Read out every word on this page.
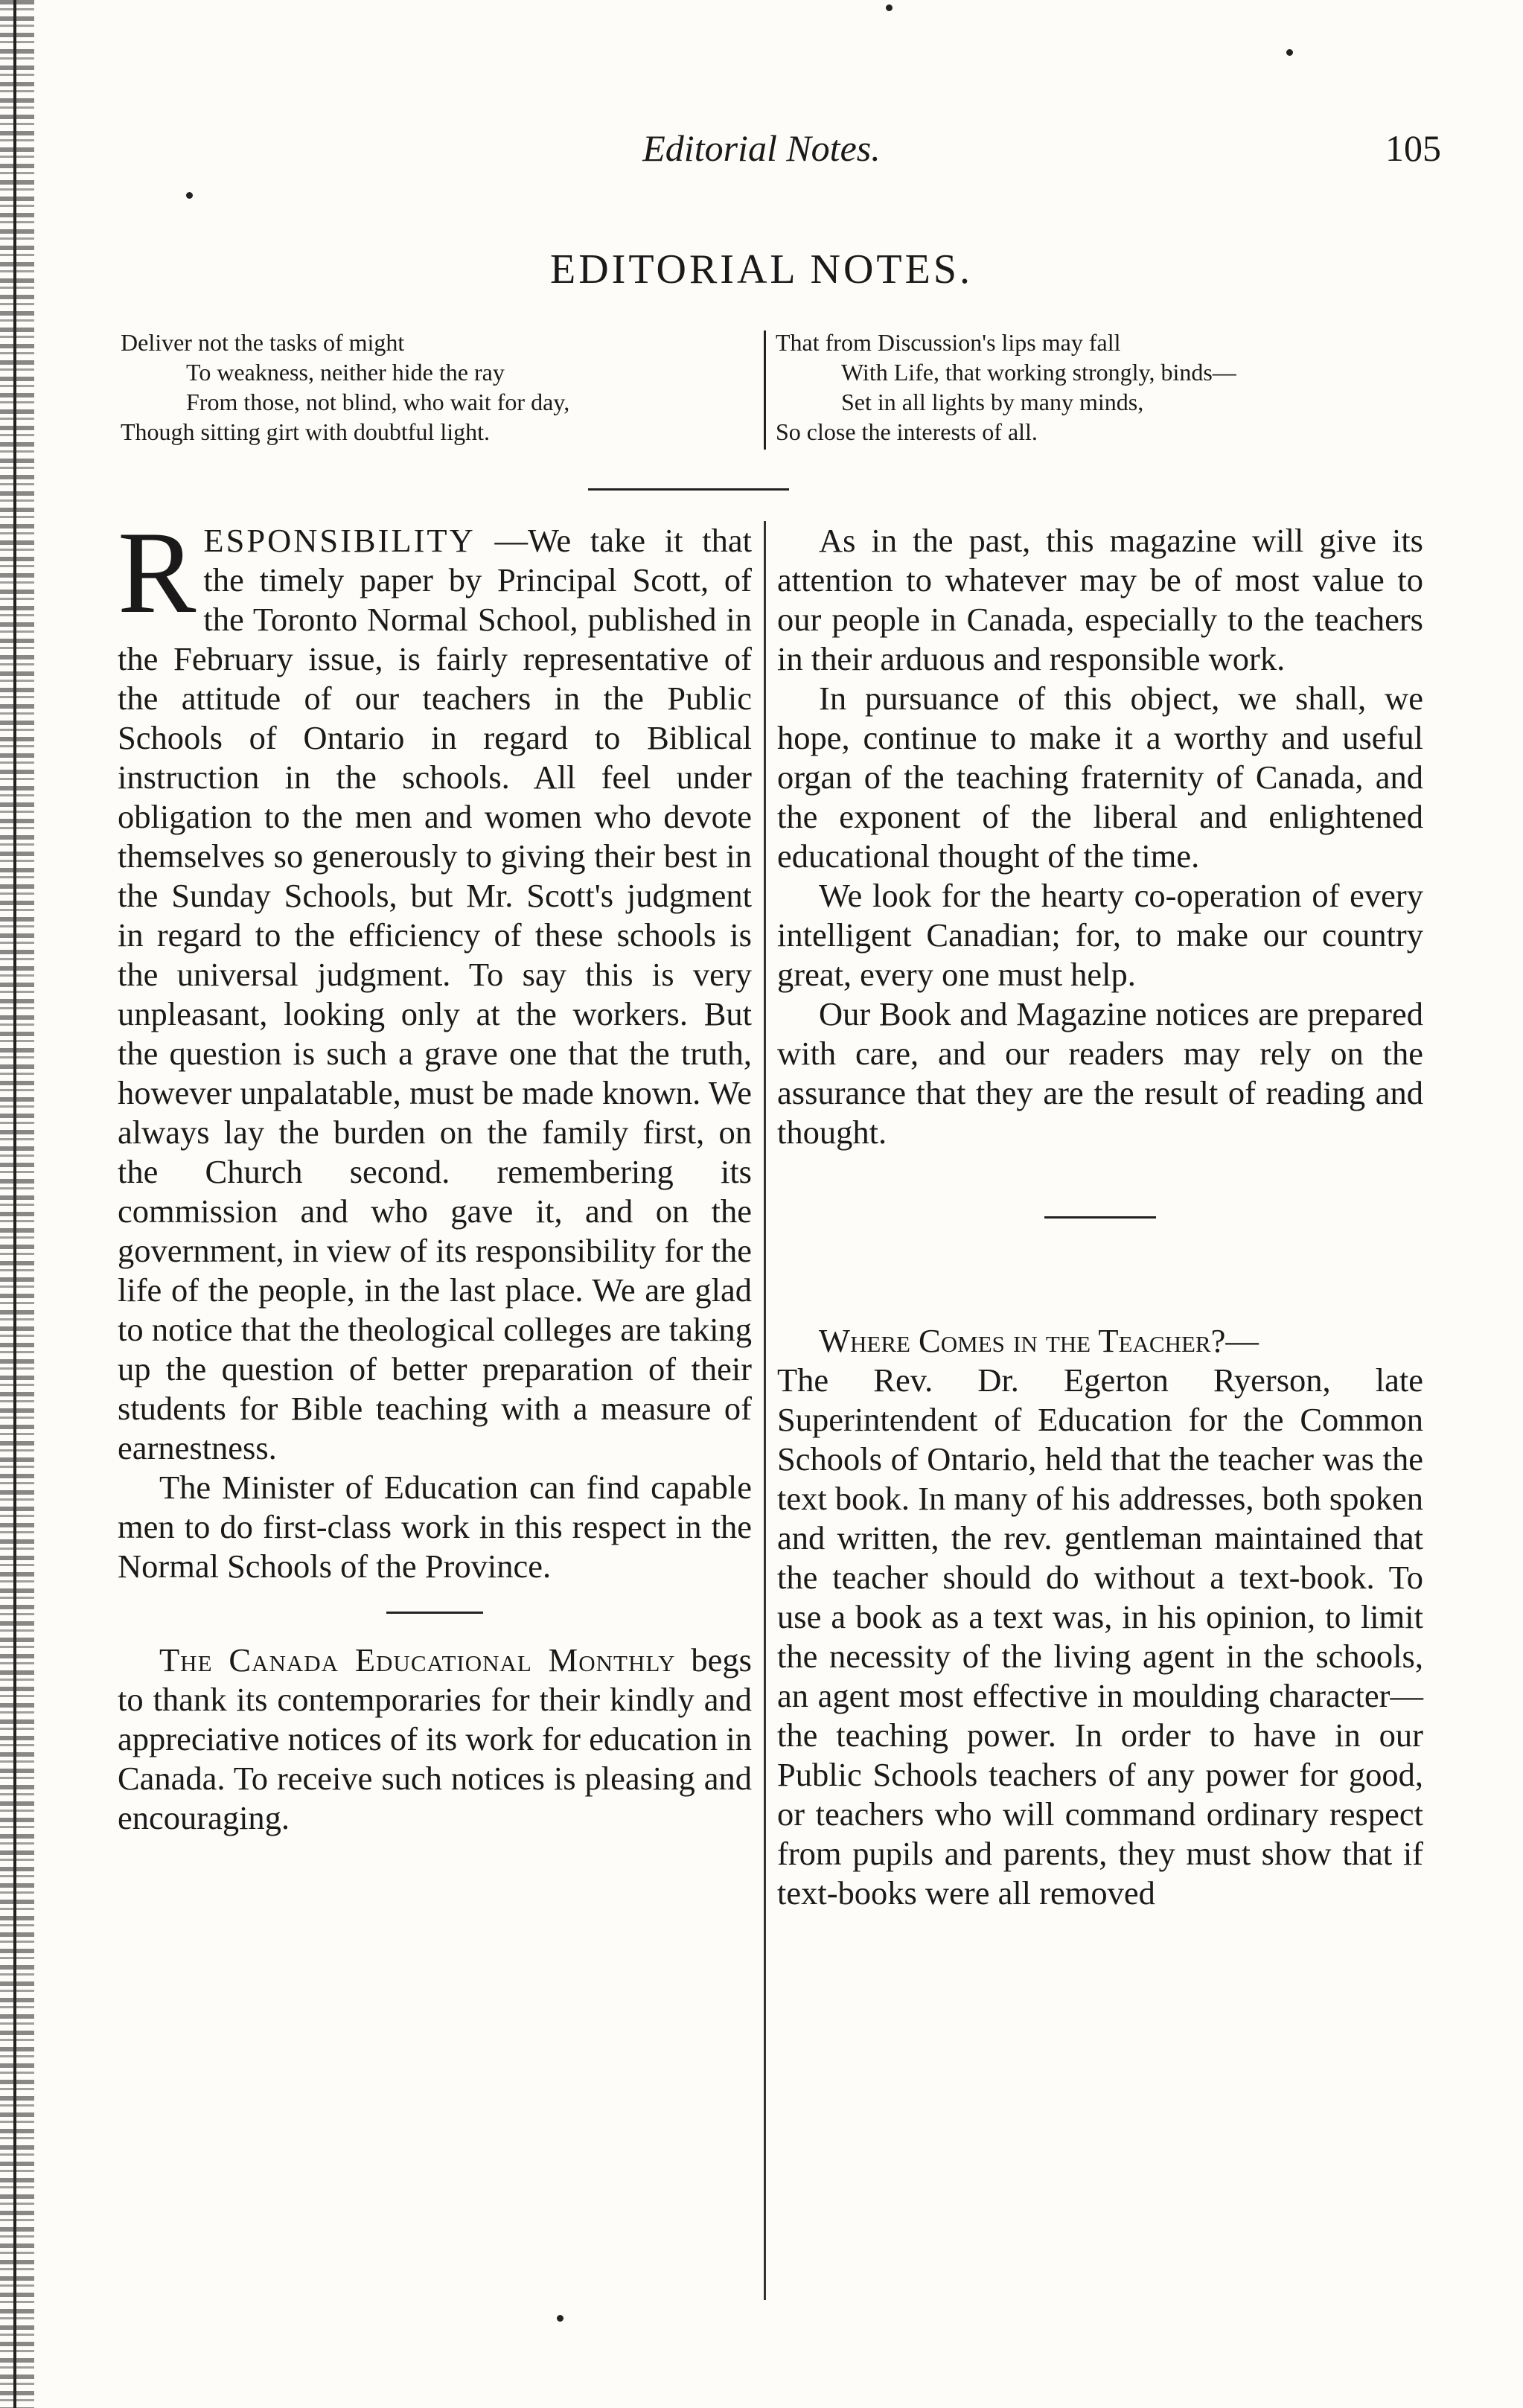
Editorial Notes.	105
EDITORIAL NOTES.
Deliver not the tasks of might
To weakness, neither hide the ray
From those, not blind, who wait for day,
Though sitting girt with doubtful light.
That from Discussion's lips may fall
With Life, that working strongly, binds—
Set in all lights by many minds,
So close the interests of all.

RESPONSIBILITY —We take it that the timely paper by Principal Scott, of the Toronto Normal School, published in the February issue, is fairly representative of the attitude of our teachers in the Public Schools of Ontario in regard to Biblical instruction in the schools. All feel under obligation to the men and women who devote themselves so generously to giving their best in the Sunday Schools, but Mr. Scott's judgment in regard to the efficiency of these schools is the universal judgment. To say this is very unpleasant, looking only at the workers. But the question is such a grave one that the truth, however unpalatable, must be made known. We always lay the burden on the family first, on the Church second. remembering its commission and who gave it, and on the government, in view of its responsibility for the life of the people, in the last place. We are glad to notice that the theological colleges are taking up the question of better preparation of their students for Bible teaching with a measure of earnestness.

The Minister of Education can find capable men to do first-class work in this respect in the Normal Schools of the Province.

The Canada Educational Monthly begs to thank its contemporaries for their kindly and appreciative notices of its work for education in Canada. To receive such notices is pleasing and encouraging.

As in the past, this magazine will give its attention to whatever may be of most value to our people in Canada, especially to the teachers in their arduous and responsible work.

In pursuance of this object, we shall, we hope, continue to make it a worthy and useful organ of the teaching fraternity of Canada, and the exponent of the liberal and enlightened educational thought of the time.

We look for the hearty co-operation of every intelligent Canadian; for, to make our country great, every one must help.

Our Book and Magazine notices are prepared with care, and our readers may rely on the assurance that they are the result of reading and thought.

Where Comes in the Teacher?—
The Rev. Dr. Egerton Ryerson, late Superintendent of Education for the Common Schools of Ontario, held that the teacher was the text book. In many of his addresses, both spoken and written, the rev. gentleman maintained that the teacher should do without a text-book. To use a book as a text was, in his opinion, to limit the necessity of the living agent in the schools, an agent most effective in moulding character—the teaching power. In order to have in our Public Schools teachers of any power for good, or teachers who will command ordinary respect from pupils and parents, they must show that if text-books were all removed
